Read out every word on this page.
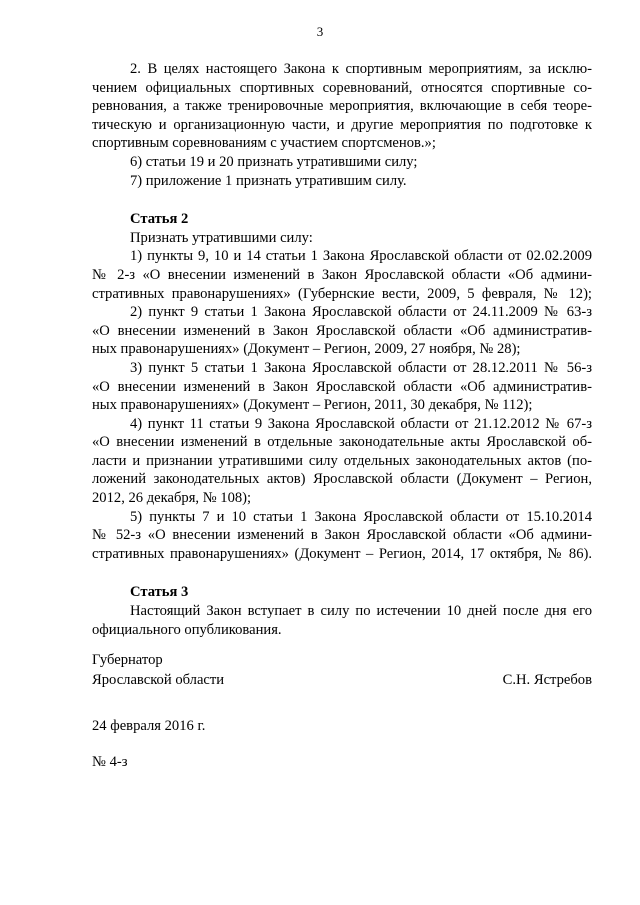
3
2. В целях настоящего Закона к спортивным мероприятиям, за исклю-
чением официальных спортивных соревнований, относятся спортивные со-
ревнования, а также тренировочные мероприятия, включающие в себя теоре-
тическую и организационную части, и другие мероприятия по подготовке к
спортивным соревнованиям с участием спортсменов.»;
6) статьи 19 и 20 признать утратившими силу;
7) приложение 1 признать утратившим силу.
Статья 2
Признать утратившими силу:
1) пункты 9, 10 и 14 статьи 1 Закона Ярославской области от 02.02.2009
№ 2-з «О внесении изменений в Закон Ярославской области «Об админи-
стративных правонарушениях» (Губернские вести, 2009, 5 февраля, № 12);
2) пункт 9 статьи 1 Закона Ярославской области от 24.11.2009 № 63-з
«О внесении изменений в Закон Ярославской области «Об административ-
ных правонарушениях» (Документ – Регион, 2009, 27 ноября, № 28);
3) пункт 5 статьи 1 Закона Ярославской области от 28.12.2011 № 56-з
«О внесении изменений в Закон Ярославской области «Об административ-
ных правонарушениях» (Документ – Регион, 2011, 30 декабря, № 112);
4) пункт 11 статьи 9 Закона Ярославской области от 21.12.2012 № 67-з
«О внесении изменений в отдельные законодательные акты Ярославской об-
ласти и признании утратившими силу отдельных законодательных актов (по-
ложений законодательных актов) Ярославской области (Документ – Регион,
2012, 26 декабря, № 108);
5) пункты 7 и 10 статьи 1 Закона Ярославской области от 15.10.2014
№ 52-з «О внесении изменений в Закон Ярославской области «Об админи-
стративных правонарушениях» (Документ – Регион, 2014, 17 октября, № 86).
Статья 3
Настоящий Закон вступает в силу по истечении 10 дней после дня его
официального опубликования.
Губернатор
Ярославской области	С.Н. Ястребов
24 февраля 2016 г.
№ 4-з
